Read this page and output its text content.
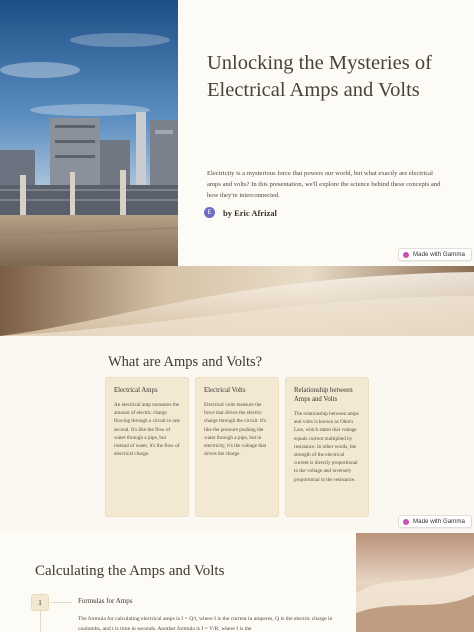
Unlocking the Mysteries of Electrical Amps and Volts

Electricity is a mysterious force that powers our world, but what exactly are electrical amps and volts? In this presentation, we'll explore the science behind these concepts and how they're interconnected.

E	by Eric Afrizal
Made with Gamma
What are Amps and Volts?
Electrical Amps
An electrical amp measures the amount of electric charge flowing through a circuit in one second. It's like the flow of water through a pipe, but instead of water, it's the flow of electrical charge.
Electrical Volts
Electrical volts measure the force that drives the electric charge through the circuit. It's like the pressure pushing the water through a pipe, but in electricity, it's the voltage that drives the charge.
Relationship between Amps and Volts
The relationship between amps and volts is known as Ohm's Law, which states that voltage equals current multiplied by resistance. In other words, the strength of the electrical current is directly proportional to the voltage and inversely proportional to the resistance.
Made with Gamma
Calculating the Amps and Volts
1	Formulas for Amps

The formula for calculating electrical amps is I = Q/t, where I is the current in amperes, Q is the electric charge in coulombs, and t is time in seconds. Another formula is I = V/R, where I is the
